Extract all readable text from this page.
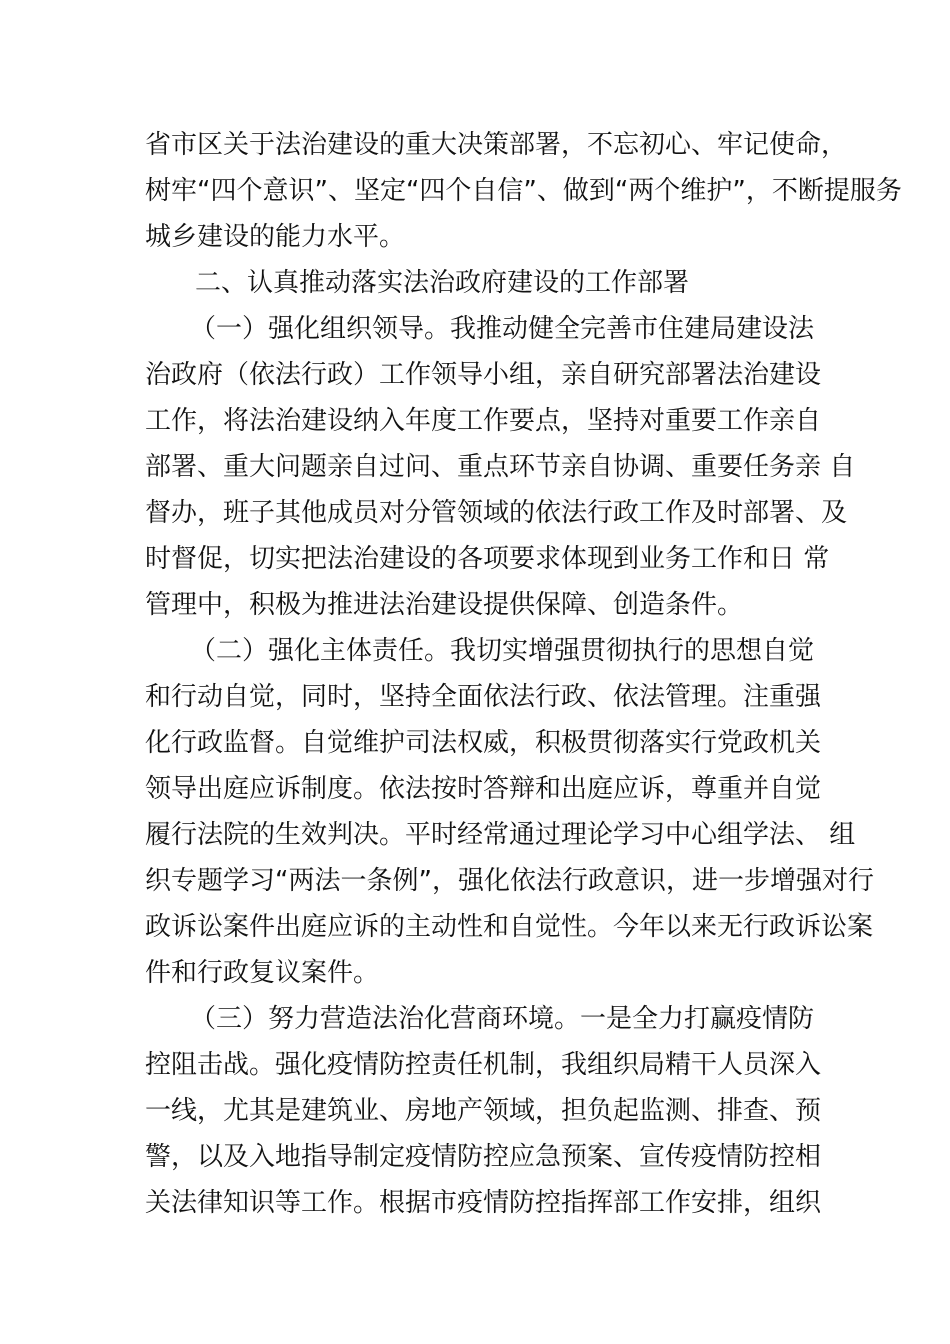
省市区关于法治建设的重大决策部署，不忘初心、牢记使命，
树牢“四个意识”、坚定“四个自信”、做到“两个维护”，不断提服务
城乡建设的能力水平。
二、认真推动落实法治政府建设的工作部署
（一）强化组织领导。我推动健全完善市住建局建设法
治政府（依法行政）工作领导小组，亲自研究部署法治建设
工作，将法治建设纳入年度工作要点，坚持对重要工作亲自
部署、重大问题亲自过问、重点环节亲自协调、重要任务亲 自
督办，班子其他成员对分管领域的依法行政工作及时部署、及
时督促，切实把法治建设的各项要求体现到业务工作和日 常
管理中，积极为推进法治建设提供保障、创造条件。
（二）强化主体责任。我切实增强贯彻执行的思想自觉
和行动自觉，同时，坚持全面依法行政、依法管理。注重强
化行政监督。自觉维护司法权威，积极贯彻落实行党政机关
领导出庭应诉制度。依法按时答辩和出庭应诉，尊重并自觉
履行法院的生效判决。平时经常通过理论学习中心组学法、 组
织专题学习“两法一条例”，强化依法行政意识，进一步增强对行
政诉讼案件出庭应诉的主动性和自觉性。今年以来无行政诉讼案
件和行政复议案件。
（三）努力营造法治化营商环境。一是全力打赢疫情防
控阻击战。强化疫情防控责任机制，我组织局精干人员深入
一线，尤其是建筑业、房地产领域，担负起监测、排查、预
警，以及入地指导制定疫情防控应急预案、宣传疫情防控相
关法律知识等工作。根据市疫情防控指挥部工作安排，组织
